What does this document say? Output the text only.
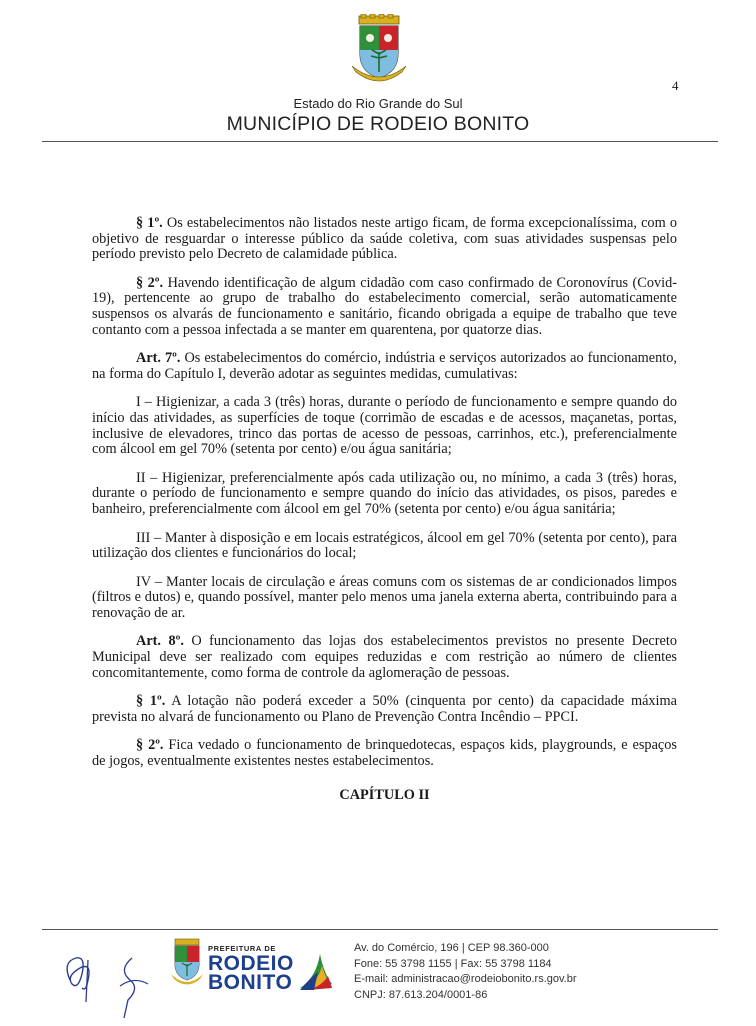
4
Estado do Rio Grande do Sul
MUNICÍPIO DE RODEIO BONITO

§ 1º. Os estabelecimentos não listados neste artigo ficam, de forma excepcionalíssima, com o objetivo de resguardar o interesse público da saúde coletiva, com suas atividades suspensas pelo período previsto pelo Decreto de calamidade pública.

§ 2º. Havendo identificação de algum cidadão com caso confirmado de Coronovírus (Covid-19), pertencente ao grupo de trabalho do estabelecimento comercial, serão automaticamente suspensos os alvarás de funcionamento e sanitário, ficando obrigada a equipe de trabalho que teve contanto com a pessoa infectada a se manter em quarentena, por quatorze dias.

Art. 7º. Os estabelecimentos do comércio, indústria e serviços autorizados ao funcionamento, na forma do Capítulo I, deverão adotar as seguintes medidas, cumulativas:

I – Higienizar, a cada 3 (três) horas, durante o período de funcionamento e sempre quando do início das atividades, as superfícies de toque (corrimão de escadas e de acessos, maçanetas, portas, inclusive de elevadores, trinco das portas de acesso de pessoas, carrinhos, etc.), preferencialmente com álcool em gel 70% (setenta por cento) e/ou água sanitária;

II – Higienizar, preferencialmente após cada utilização ou, no mínimo, a cada 3 (três) horas, durante o período de funcionamento e sempre quando do início das atividades, os pisos, paredes e banheiro, preferencialmente com álcool em gel 70% (setenta por cento) e/ou água sanitária;

III – Manter à disposição e em locais estratégicos, álcool em gel 70% (setenta por cento), para utilização dos clientes e funcionários do local;

IV – Manter locais de circulação e áreas comuns com os sistemas de ar condicionados limpos (filtros e dutos) e, quando possível, manter pelo menos uma janela externa aberta, contribuindo para a renovação de ar.

Art. 8º. O funcionamento das lojas dos estabelecimentos previstos no presente Decreto Municipal deve ser realizado com equipes reduzidas e com restrição ao número de clientes concomitantemente, como forma de controle da aglomeração de pessoas.

§ 1º. A lotação não poderá exceder a 50% (cinquenta por cento) da capacidade máxima prevista no alvará de funcionamento ou Plano de Prevenção Contra Incêndio – PPCI.

§ 2º. Fica vedado o funcionamento de brinquedotecas, espaços kids, playgrounds, e espaços de jogos, eventualmente existentes nestes estabelecimentos.

CAPÍTULO II
PREFEITURA DE
RODEIO
BONITO
Av. do Comércio, 196 | CEP 98.360-000
Fone: 55 3798 1155 | Fax: 55 3798 1184
E-mail: administracao@rodeiobonito.rs.gov.br
CNPJ: 87.613.204/0001-86
